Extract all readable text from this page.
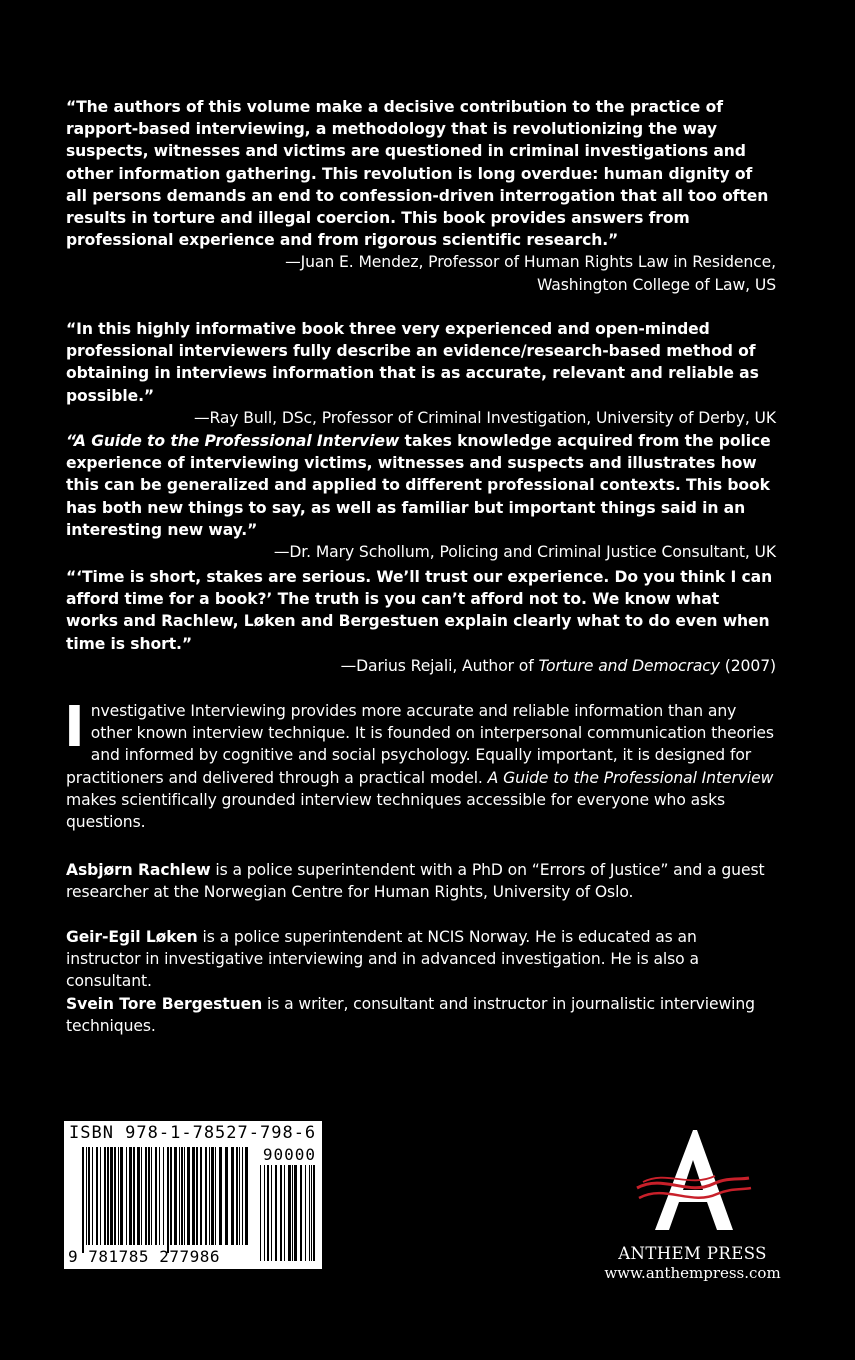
“The authors of this volume make a decisive contribution to the practice of rapport-based interviewing, a methodology that is revolutionizing the way suspects, witnesses and victims are questioned in criminal investigations and other information gathering. This revolution is long overdue: human dignity of all persons demands an end to confession-driven interrogation that all too often results in torture and illegal coercion. This book provides answers from professional experience and from rigorous scientific research.”

—Juan E. Mendez, Professor of Human Rights Law in Residence,
Washington College of Law, US

“In this highly informative book three very experienced and open-minded professional interviewers fully describe an evidence/research-based method of obtaining in interviews information that is as accurate, relevant and reliable as possible.”

—Ray Bull, DSc, Professor of Criminal Investigation, University of Derby, UK

“A Guide to the Professional Interview takes knowledge acquired from the police experience of interviewing victims, witnesses and suspects and illustrates how this can be generalized and applied to different professional contexts. This book has both new things to say, as well as familiar but important things said in an interesting new way.”

—Dr. Mary Schollum, Policing and Criminal Justice Consultant, UK

“‘Time is short, stakes are serious. We’ll trust our experience. Do you think I can afford time for a book?’ The truth is you can’t afford not to. We know what works and Rachlew, Løken and Bergestuen explain clearly what to do even when time is short.”

—Darius Rejali, Author of Torture and Democracy (2007)

Investigative Interviewing provides more accurate and reliable information than any other known interview technique. It is founded on interpersonal communication theories and informed by cognitive and social psychology. Equally important, it is designed for practitioners and delivered through a practical model. A Guide to the Professional Interview makes scientifically grounded interview techniques accessible for everyone who asks questions.

Asbjørn Rachlew is a police superintendent with a PhD on “Errors of Justice” and a guest researcher at the Norwegian Centre for Human Rights, University of Oslo.

Geir-Egil Løken is a police superintendent at NCIS Norway. He is educated as an instructor in investigative interviewing and in advanced investigation. He is also a consultant.

Svein Tore Bergestuen is a writer, consultant and instructor in journalistic interviewing techniques.

ISBN 978-1-78527-798-6
90000
9 781785 277986	ANTHEM PRESS
www.anthempress.com
